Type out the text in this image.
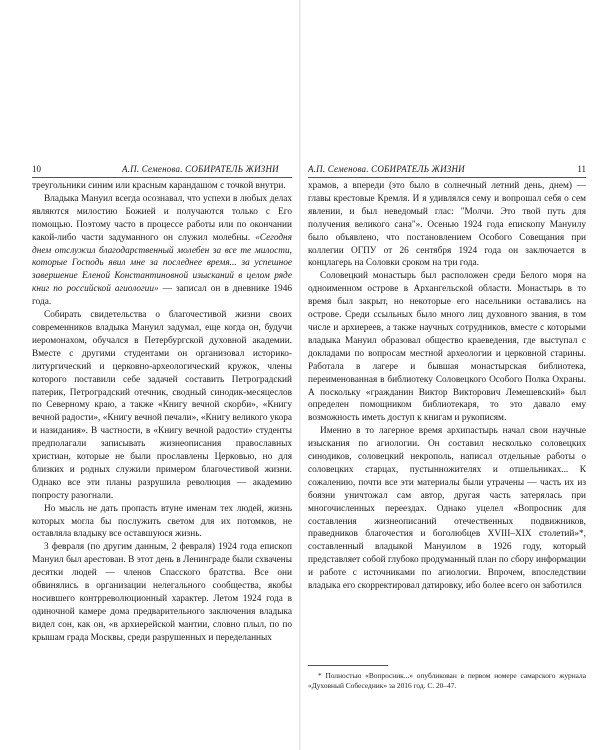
10	А.П. Семенова. СОБИРАТЕЛЬ ЖИЗНИ

треугольники синим или красным карандашом с точкой внутри.

Владыка Мануил всегда осознавал, что успехи в любых делах являются милостию Божией и получаются только с Его помощью. Поэтому часто в процессе работы или по окончании какой-либо части задуманного он служил молебны. «Сегодня днем отслужил благодарственный молебен за все те милости, которые Господь явил мне за последнее время... за успешное завершение Еленой Константиновной изысканий в целом ряде книг по российской агиологии» — записал он в дневнике 1946 года.

Собирать свидетельства о благочестивой жизни своих современников владыка Мануил задумал, еще когда он, будучи иеромонахом, обучался в Петербургской духовной академии. Вместе с другими студентами он организовал историко-литургический и церковно-археологический кружок, члены которого поставили себе задачей составить Петроградский патерик, Петроградский отечник, сводный синодик-месяцеслов по Северному краю, а также «Книгу вечной скорби», «Книгу вечной радости», «Книгу вечной печали», «Книгу великого укора и назидания». В частности, в «Книгу вечной радости» студенты предполагали записывать жизнеописания православных христиан, которые не были прославлены Церковью, но для близких и родных служили примером благочестивой жизни. Однако все эти планы разрушила революция — академию попросту разогнали.

Но мысль не дать пропасть втуне именам тех людей, жизнь которых могла бы послужить светом для их потомков, не оставляла владыку все оставшуюся жизнь.

3 февраля (по другим данным, 2 февраля) 1924 года епископ Мануил был арестован. В этот день в Ленинграде были схвачены десятки людей — членов Спасского братства. Все они обвинялись в организации нелегального сообщества, якобы носившего контрреволюционный характер. Летом 1924 года в одиночной камере дома предварительного заключения владыка видел сон, как он, «в архиерейской мантии, словно плыл, по по крышам града Москвы, среди разрушенных и переделанных

А.П. Семенова. СОБИРАТЕЛЬ ЖИЗНИ	11

храмов, а впереди (это было в солнечный летний день, днем) — главы крестовые Кремля. И я удивлялся сему и вопрошал себя о сем явлении, и был неведомый глас: "Молчи. Это твой путь для получения великого сана"». Осенью 1924 года епископу Мануилу было объявлено, что постановлением Особого Совещания при коллегии ОГПУ от 26 сентября 1924 года он заключается в концлагерь на Соловки сроком на три года.

Соловецкий монастырь был расположен среди Белого моря на одноименном острове в Архангельской области. Монастырь в то время был закрыт, но некоторые его насельники оставались на острове. Среди ссыльных было много лиц духовного звания, в том числе и архиереев, а также научных сотрудников, вместе с которыми владыка Мануил образовал общество краеведения, где выступал с докладами по вопросам местной археологии и церковной старины. Работала в лагере и бывшая монастырская библиотека, переименованная в библиотеку Соловецкого Особого Полка Охраны. А поскольку «гражданин Виктор Викторович Лемешевский» был определен помощником библиотекаря, то это давало ему возможность иметь доступ к книгам и рукописям.

Именно в то лагерное время архипастырь начал свои научные изыскания по агиологии. Он составил несколько соловецких синодиков, соловецкий некрополь, написал отдельные работы о соловецких старцах, пустынножителях и отшельниках... К сожалению, почти все эти материалы были утрачены — часть их из боязни уничтожал сам автор, другая часть затерялась при многочисленных переездах. Однако уцелел «Вопросник для составления жизнеописаний отечественных подвижников, праведников благочестия и боголюбцев XVIII–XIX столетий»*, составленный владыкой Мануилом в 1926 году, который представляет собой глубоко продуманный план по сбору информации и работе с источниками по агиологии. Впрочем, впоследствии владыка его скорректировал датировку, ибо более всего он заботился

* Полностью «Вопросник...» опубликован в первом номере самарского журнала «Духовный Собеседник» за 2016 год. С. 20–47.
